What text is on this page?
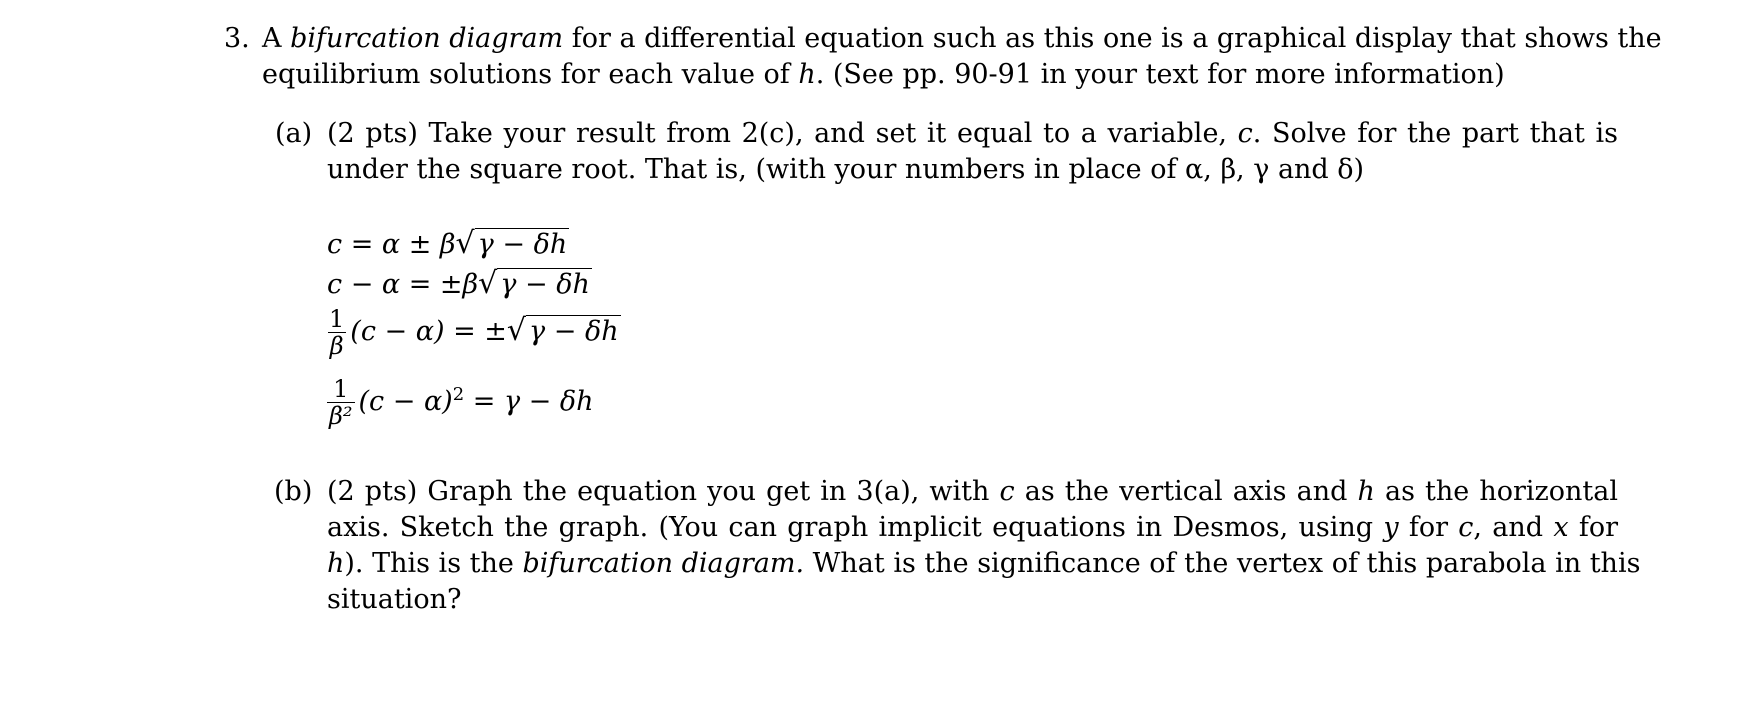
3. A bifurcation diagram for a differential equation such as this one is a graphical display that shows the
equilibrium solutions for each value of h. (See pp. 90-91 in your text for more information)
(a) (2 pts) Take your result from 2(c), and set it equal to a variable, c. Solve for the part that is
under the square root. That is, (with your numbers in place of α, β, γ and δ)
c = α ± β√ γ − δh
c − α = ±β√ γ − δh
$\frac{1}{\beta} (c - \alpha)$ = ±√ γ − δh
$\frac{1}{\text{β²}} (c - \alpha)^2 = \gamma - \delta h$
(b) (2 pts) Graph the equation you get in 3(a), with c as the vertical axis and h as the horizontal
axis. Sketch the graph. (You can graph implicit equations in Desmos, using y for c, and x for
h). This is the bifurcation diagram. What is the significance of the vertex of this parabola in this
situation?
